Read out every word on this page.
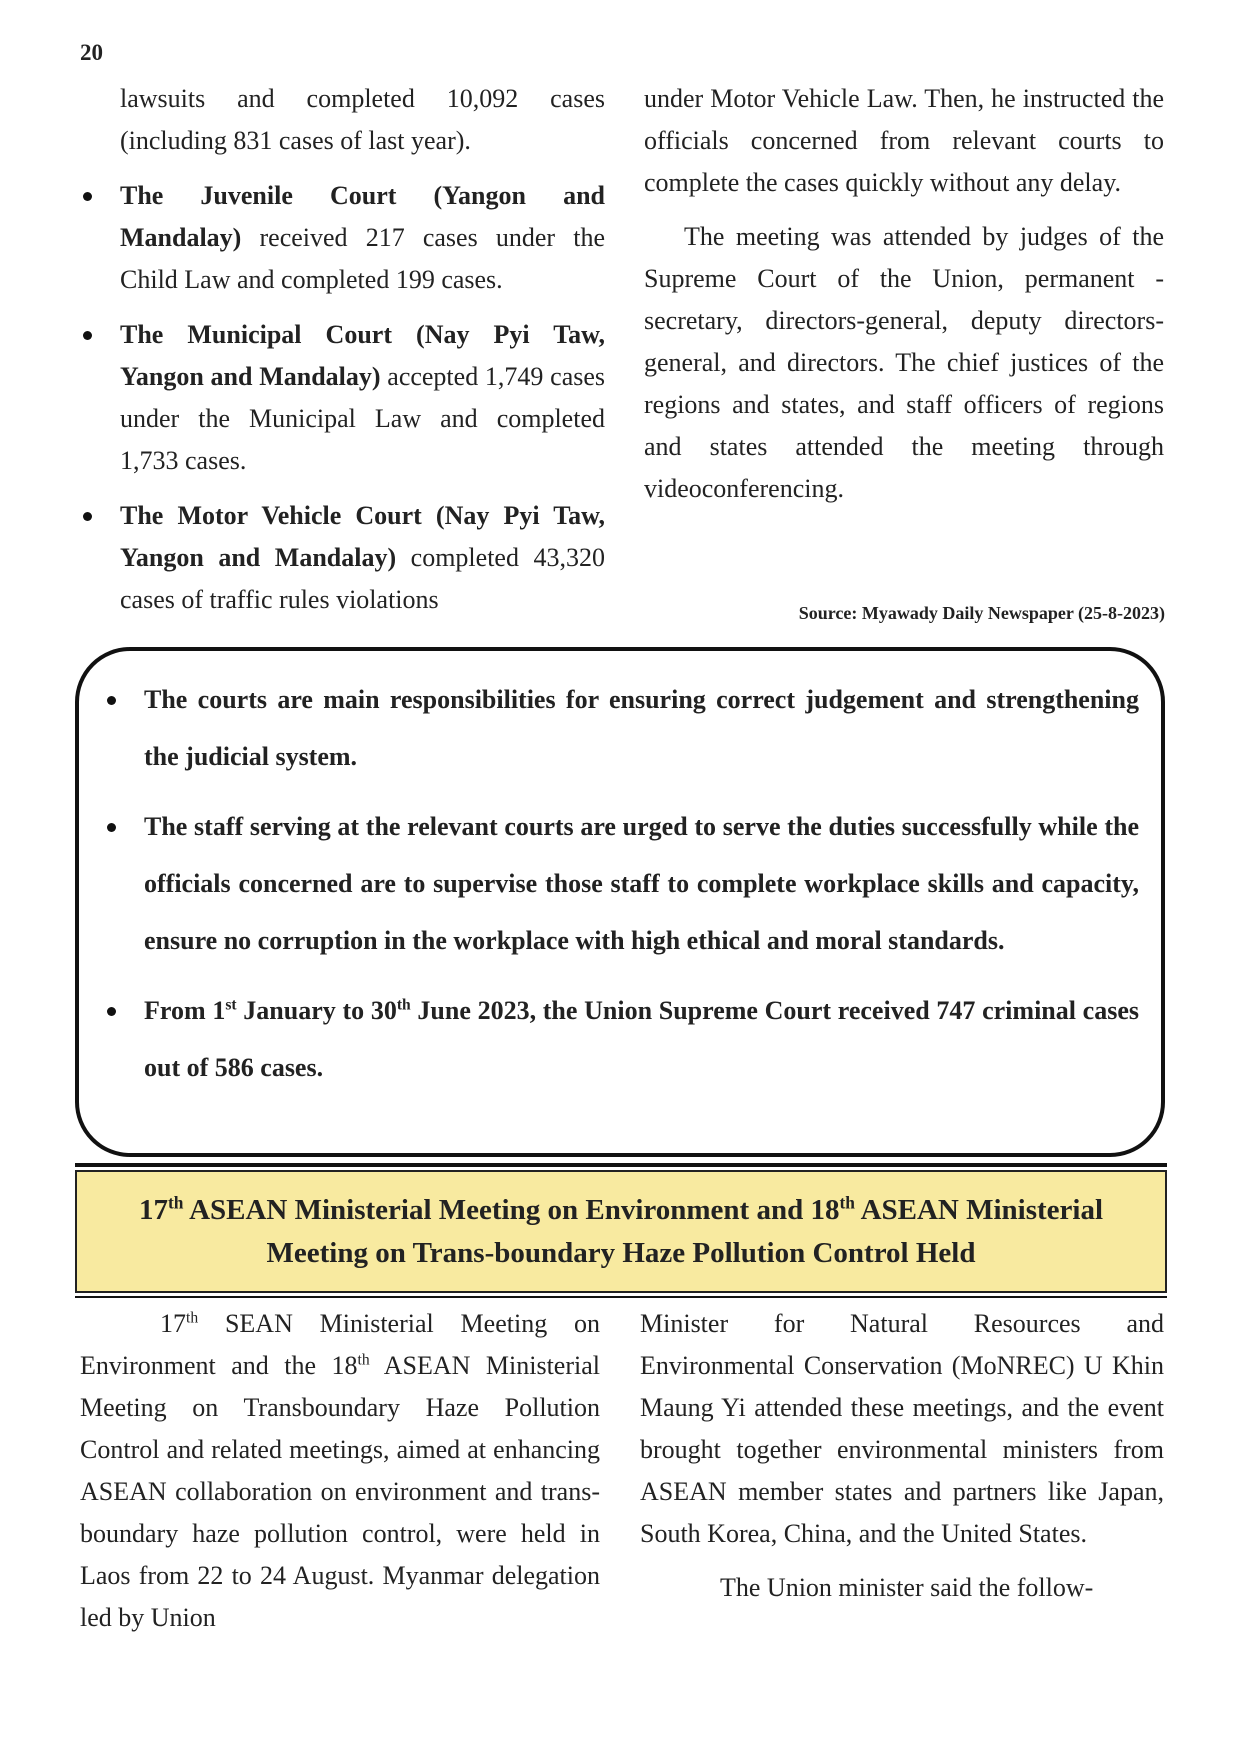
20

lawsuits and completed 10,092 cases (including 831 cases of last year).

The Juvenile Court (Yangon and Mandalay) received 217 cases under the Child Law and completed 199 cases.
The Municipal Court (Nay Pyi Taw, Yangon and Mandalay) accepted 1,749 cases under the Municipal Law and completed 1,733 cases.
The Motor Vehicle Court (Nay Pyi Taw, Yangon and Mandalay) completed 43,320 cases of traffic rules violations

under Motor Vehicle Law. Then, he instructed the officials concerned from relevant courts to complete the cases quickly without any delay.

The meeting was attended by judges of the Supreme Court of the Union, permanent -secretary, directors-general, deputy directors-general, and directors. The chief justices of the regions and states, and staff officers of regions and states attended the meeting through videoconferencing.

Source: Myawady Daily Newspaper (25-8-2023)
The courts are main responsibilities for ensuring correct judgement and strengthening the judicial system.
The staff serving at the relevant courts are urged to serve the duties successfully while the officials concerned are to supervise those staff to complete workplace skills and capacity, ensure no corruption in the workplace with high ethical and moral standards.
From 1st January to 30th June 2023, the Union Supreme Court received 747 criminal cases out of 586 cases.
17th ASEAN Ministerial Meeting on Environment and 18th ASEAN Ministerial Meeting on Trans-boundary Haze Pollution Control Held

17th SEAN Ministerial Meeting on Environment and the 18th ASEAN Ministerial Meeting on Transboundary Haze Pollution Control and related meetings, aimed at enhancing ASEAN collaboration on environment and trans-boundary haze pollution control, were held in Laos from 22 to 24 August. Myanmar delegation led by Union

Minister for Natural Resources and Environmental Conservation (MoNREC) U Khin Maung Yi attended these meetings, and the event brought together environmental ministers from ASEAN member states and partners like Japan, South Korea, China, and the United States.

The Union minister said the follow-
